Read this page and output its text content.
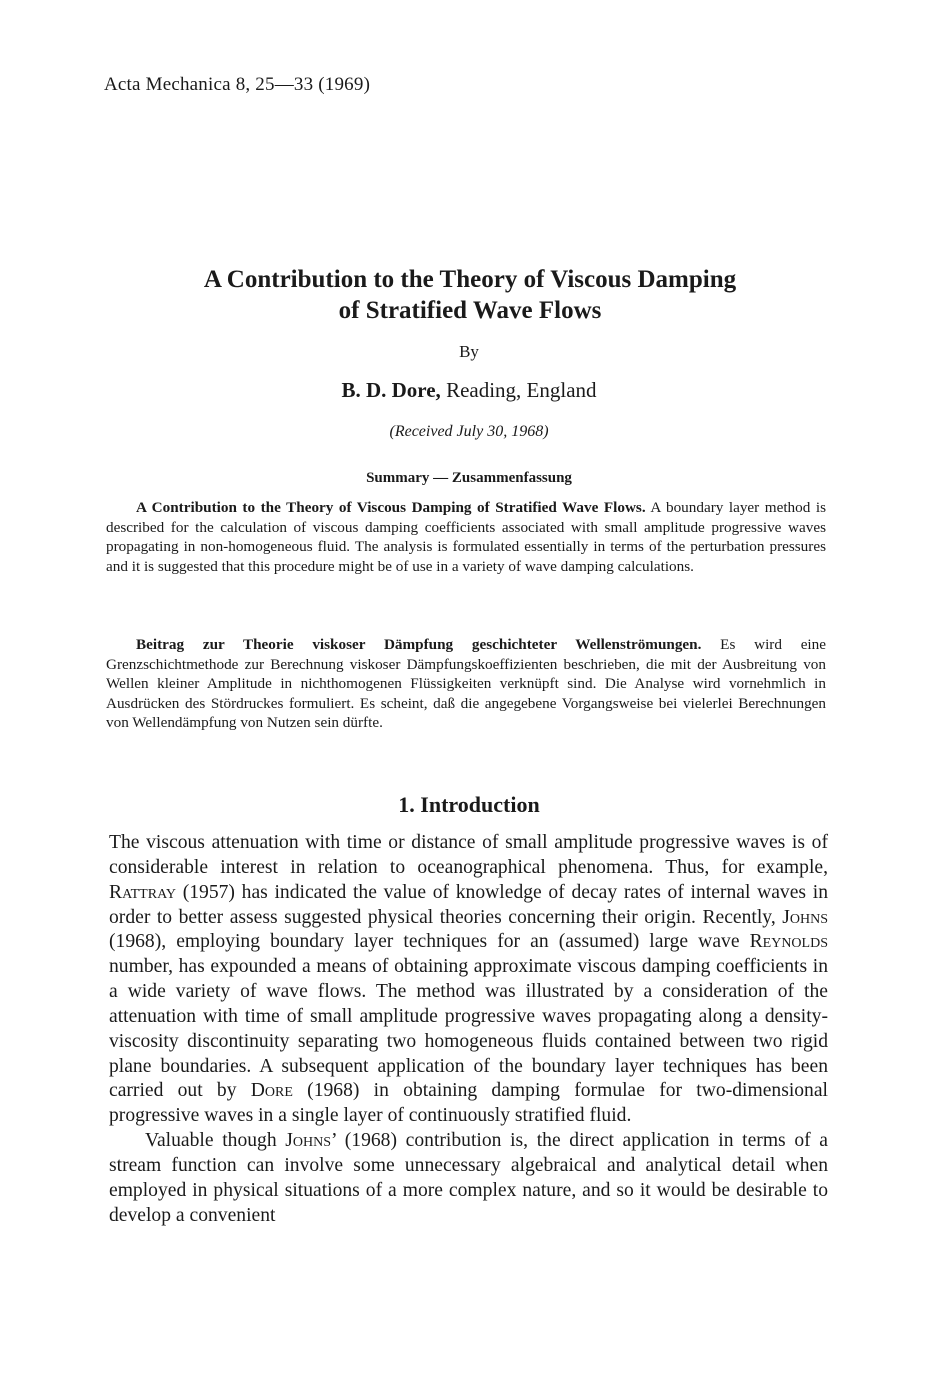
Acta Mechanica 8, 25—33 (1969)
A Contribution to the Theory of Viscous Damping
of Stratified Wave Flows
By
B. D. Dore, Reading, England
(Received July 30, 1968)
Summary — Zusammenfassung

A Contribution to the Theory of Viscous Damping of Stratified Wave Flows. A boundary layer method is described for the calculation of viscous damping coefficients associated with small amplitude progressive waves propagating in non-homogeneous fluid. The analysis is formulated essentially in terms of the perturbation pressures and it is suggested that this procedure might be of use in a variety of wave damping calculations.

Beitrag zur Theorie viskoser Dämpfung geschichteter Wellenströmungen. Es wird eine Grenzschichtmethode zur Berechnung viskoser Dämpfungskoeffizienten beschrieben, die mit der Ausbreitung von Wellen kleiner Amplitude in nichthomogenen Flüssigkeiten verknüpft sind. Die Analyse wird vornehmlich in Ausdrücken des Stördruckes formuliert. Es scheint, daß die angegebene Vorgangsweise bei vielerlei Berechnungen von Wellendämpfung von Nutzen sein dürfte.

1. Introduction

The viscous attenuation with time or distance of small amplitude progressive waves is of considerable interest in relation to oceanographical phenomena. Thus, for example, Rattray (1957) has indicated the value of knowledge of decay rates of internal waves in order to better assess suggested physical theories concerning their origin. Recently, Johns (1968), employing boundary layer techniques for an (assumed) large wave Reynolds number, has expounded a means of obtaining approximate viscous damping coefficients in a wide variety of wave flows. The method was illustrated by a consideration of the attenuation with time of small amplitude progressive waves propagating along a density-viscosity discontinuity separating two homogeneous fluids contained between two rigid plane boundaries. A subsequent application of the boundary layer techniques has been carried out by Dore (1968) in obtaining damping formulae for two-dimensional progressive waves in a single layer of continuously stratified fluid.

Valuable though Johns’ (1968) contribution is, the direct application in terms of a stream function can involve some unnecessary algebraical and analytical detail when employed in physical situations of a more complex nature, and so it would be desirable to develop a convenient
